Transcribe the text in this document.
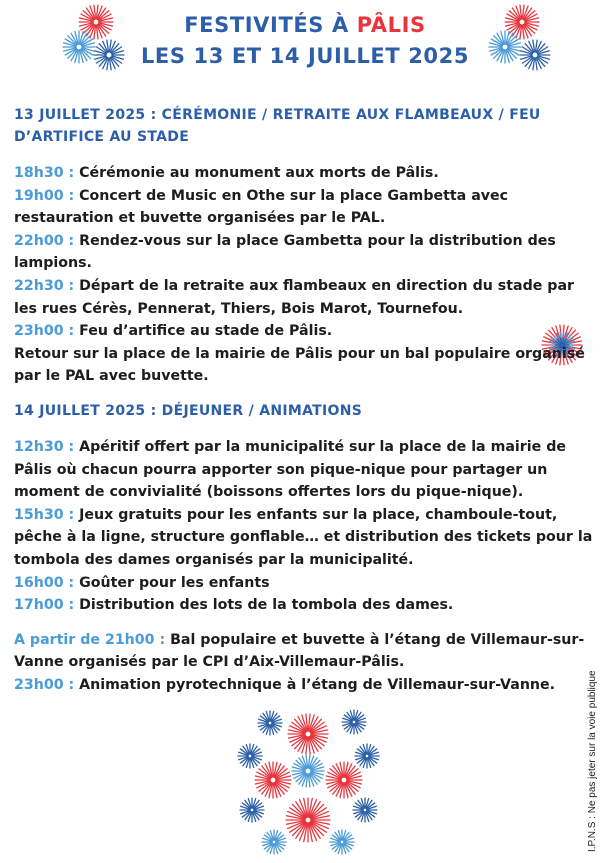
FESTIVITÉS À PÂLIS
LES 13 ET 14 JUILLET 2025
13 JUILLET 2025 : CÉRÉMONIE / RETRAITE AUX FLAMBEAUX / FEU D’ARTIFICE AU STADE

18h30 : Cérémonie au monument aux morts de Pâlis.

19h00 : Concert de Music en Othe sur la place Gambetta avec restauration et buvette organisées par le PAL.

22h00 : Rendez-vous sur la place Gambetta pour la distribution des lampions.

22h30 : Départ de la retraite aux flambeaux en direction du stade par les rues Cérès, Pennerat, Thiers, Bois Marot, Tournefou.

23h00 : Feu d’artifice au stade de Pâlis.

Retour sur la place de la mairie de Pâlis pour un bal populaire organisé par le PAL avec buvette.

14 JUILLET 2025 : DÉJEUNER / ANIMATIONS

12h30 : Apéritif offert par la municipalité sur la place de la mairie de Pâlis où chacun pourra apporter son pique-nique pour partager un moment de convivialité (boissons offertes lors du pique-nique).

15h30 : Jeux gratuits pour les enfants sur la place, chamboule-tout, pêche à la ligne, structure gonflable… et distribution des tickets pour la tombola des dames organisés par la municipalité.

16h00 : Goûter pour les enfants

17h00 : Distribution des lots de la tombola des dames.

A partir de 21h00 : Bal populaire et buvette à l’étang de Villemaur-sur-Vanne organisés par le CPI d’Aix-Villemaur-Pâlis.

23h00 : Animation pyrotechnique à l’étang de Villemaur-sur-Vanne.	I.P.N.S : Ne pas jeter sur la voie publique
